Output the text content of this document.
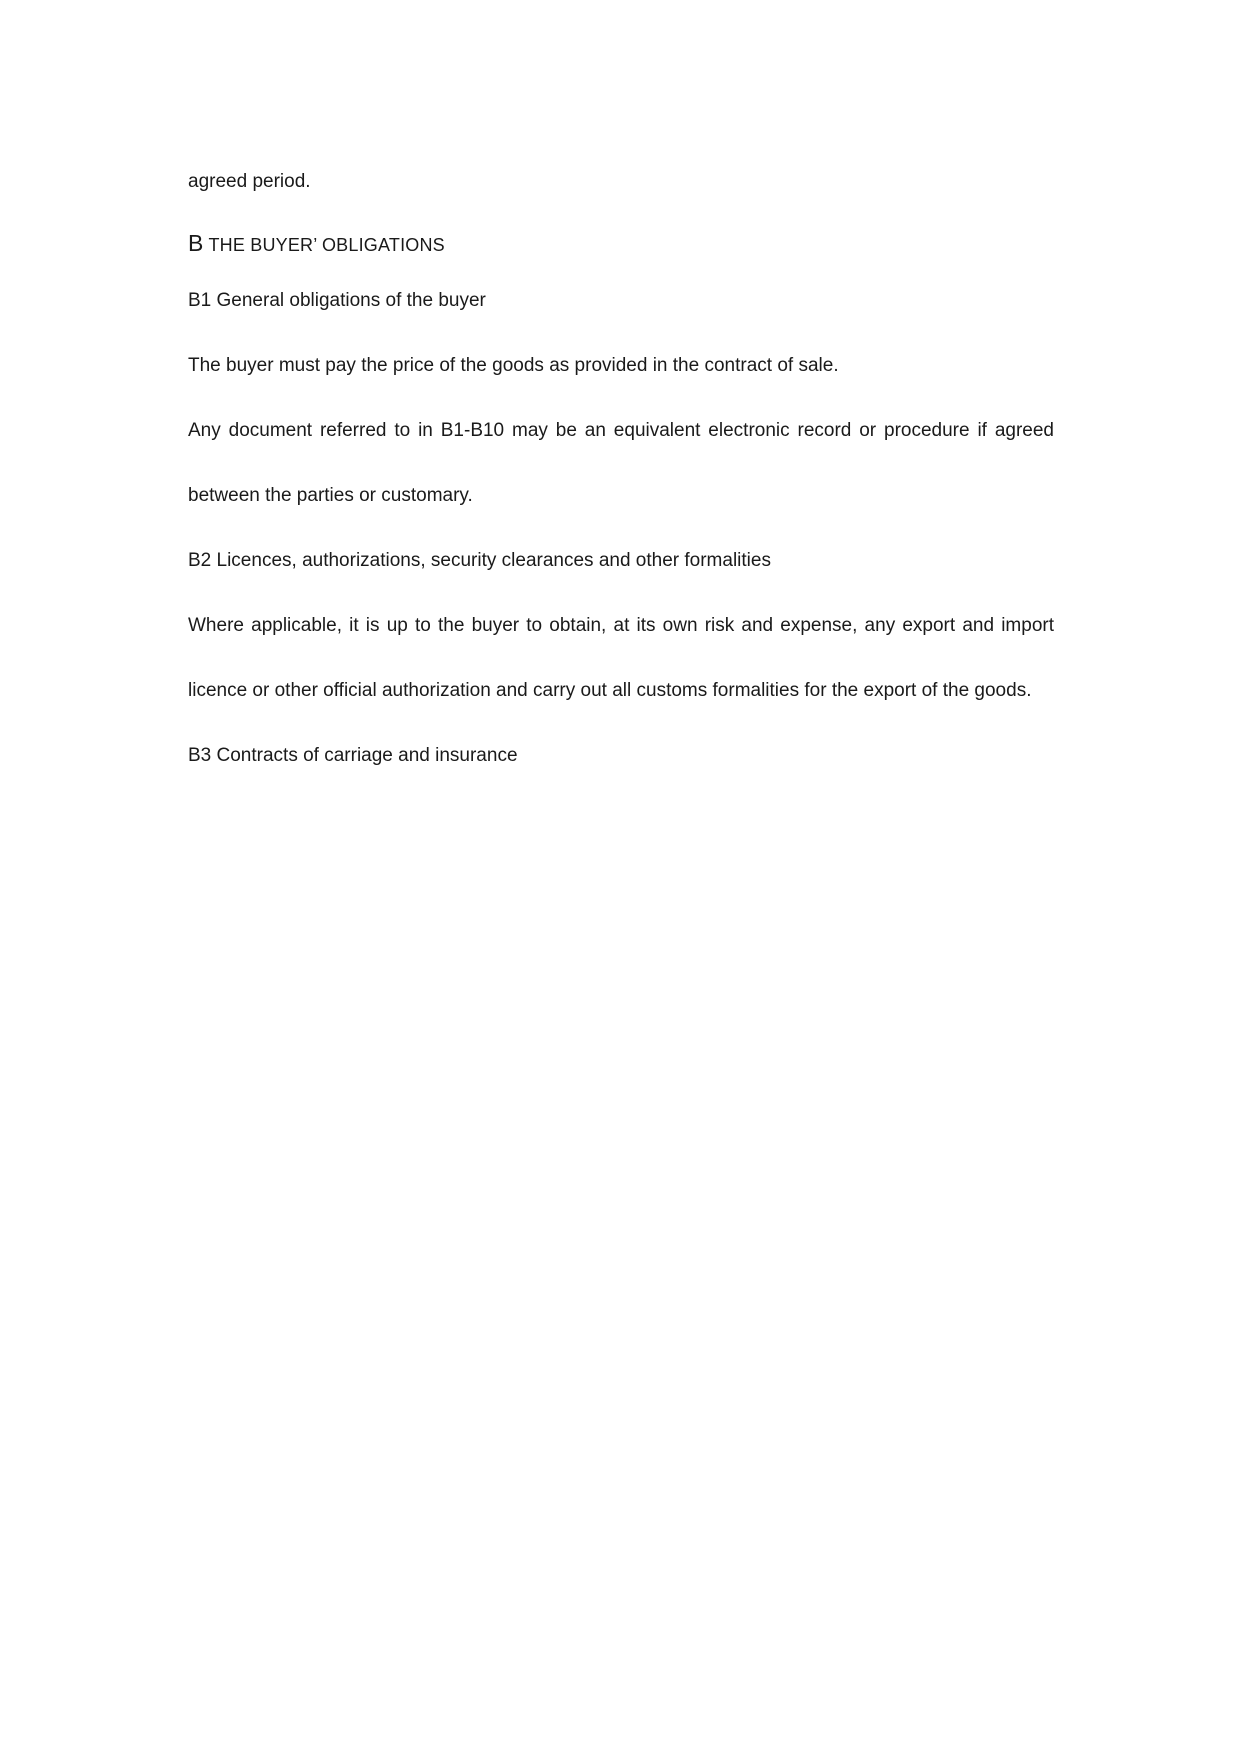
agreed period.

B THE BUYER’ OBLIGATIONS

B1 General obligations of the buyer

The buyer must pay the price of the goods as provided in the contract of sale.

Any document referred to in B1-B10 may be an equivalent electronic record or procedure if agreed

between the parties or customary.

B2 Licences, authorizations, security clearances and other formalities

Where applicable, it is up to the buyer to obtain, at its own risk and expense, any export and import

licence or other official authorization and carry out all customs formalities for the export of the goods.

B3 Contracts of carriage and insurance
